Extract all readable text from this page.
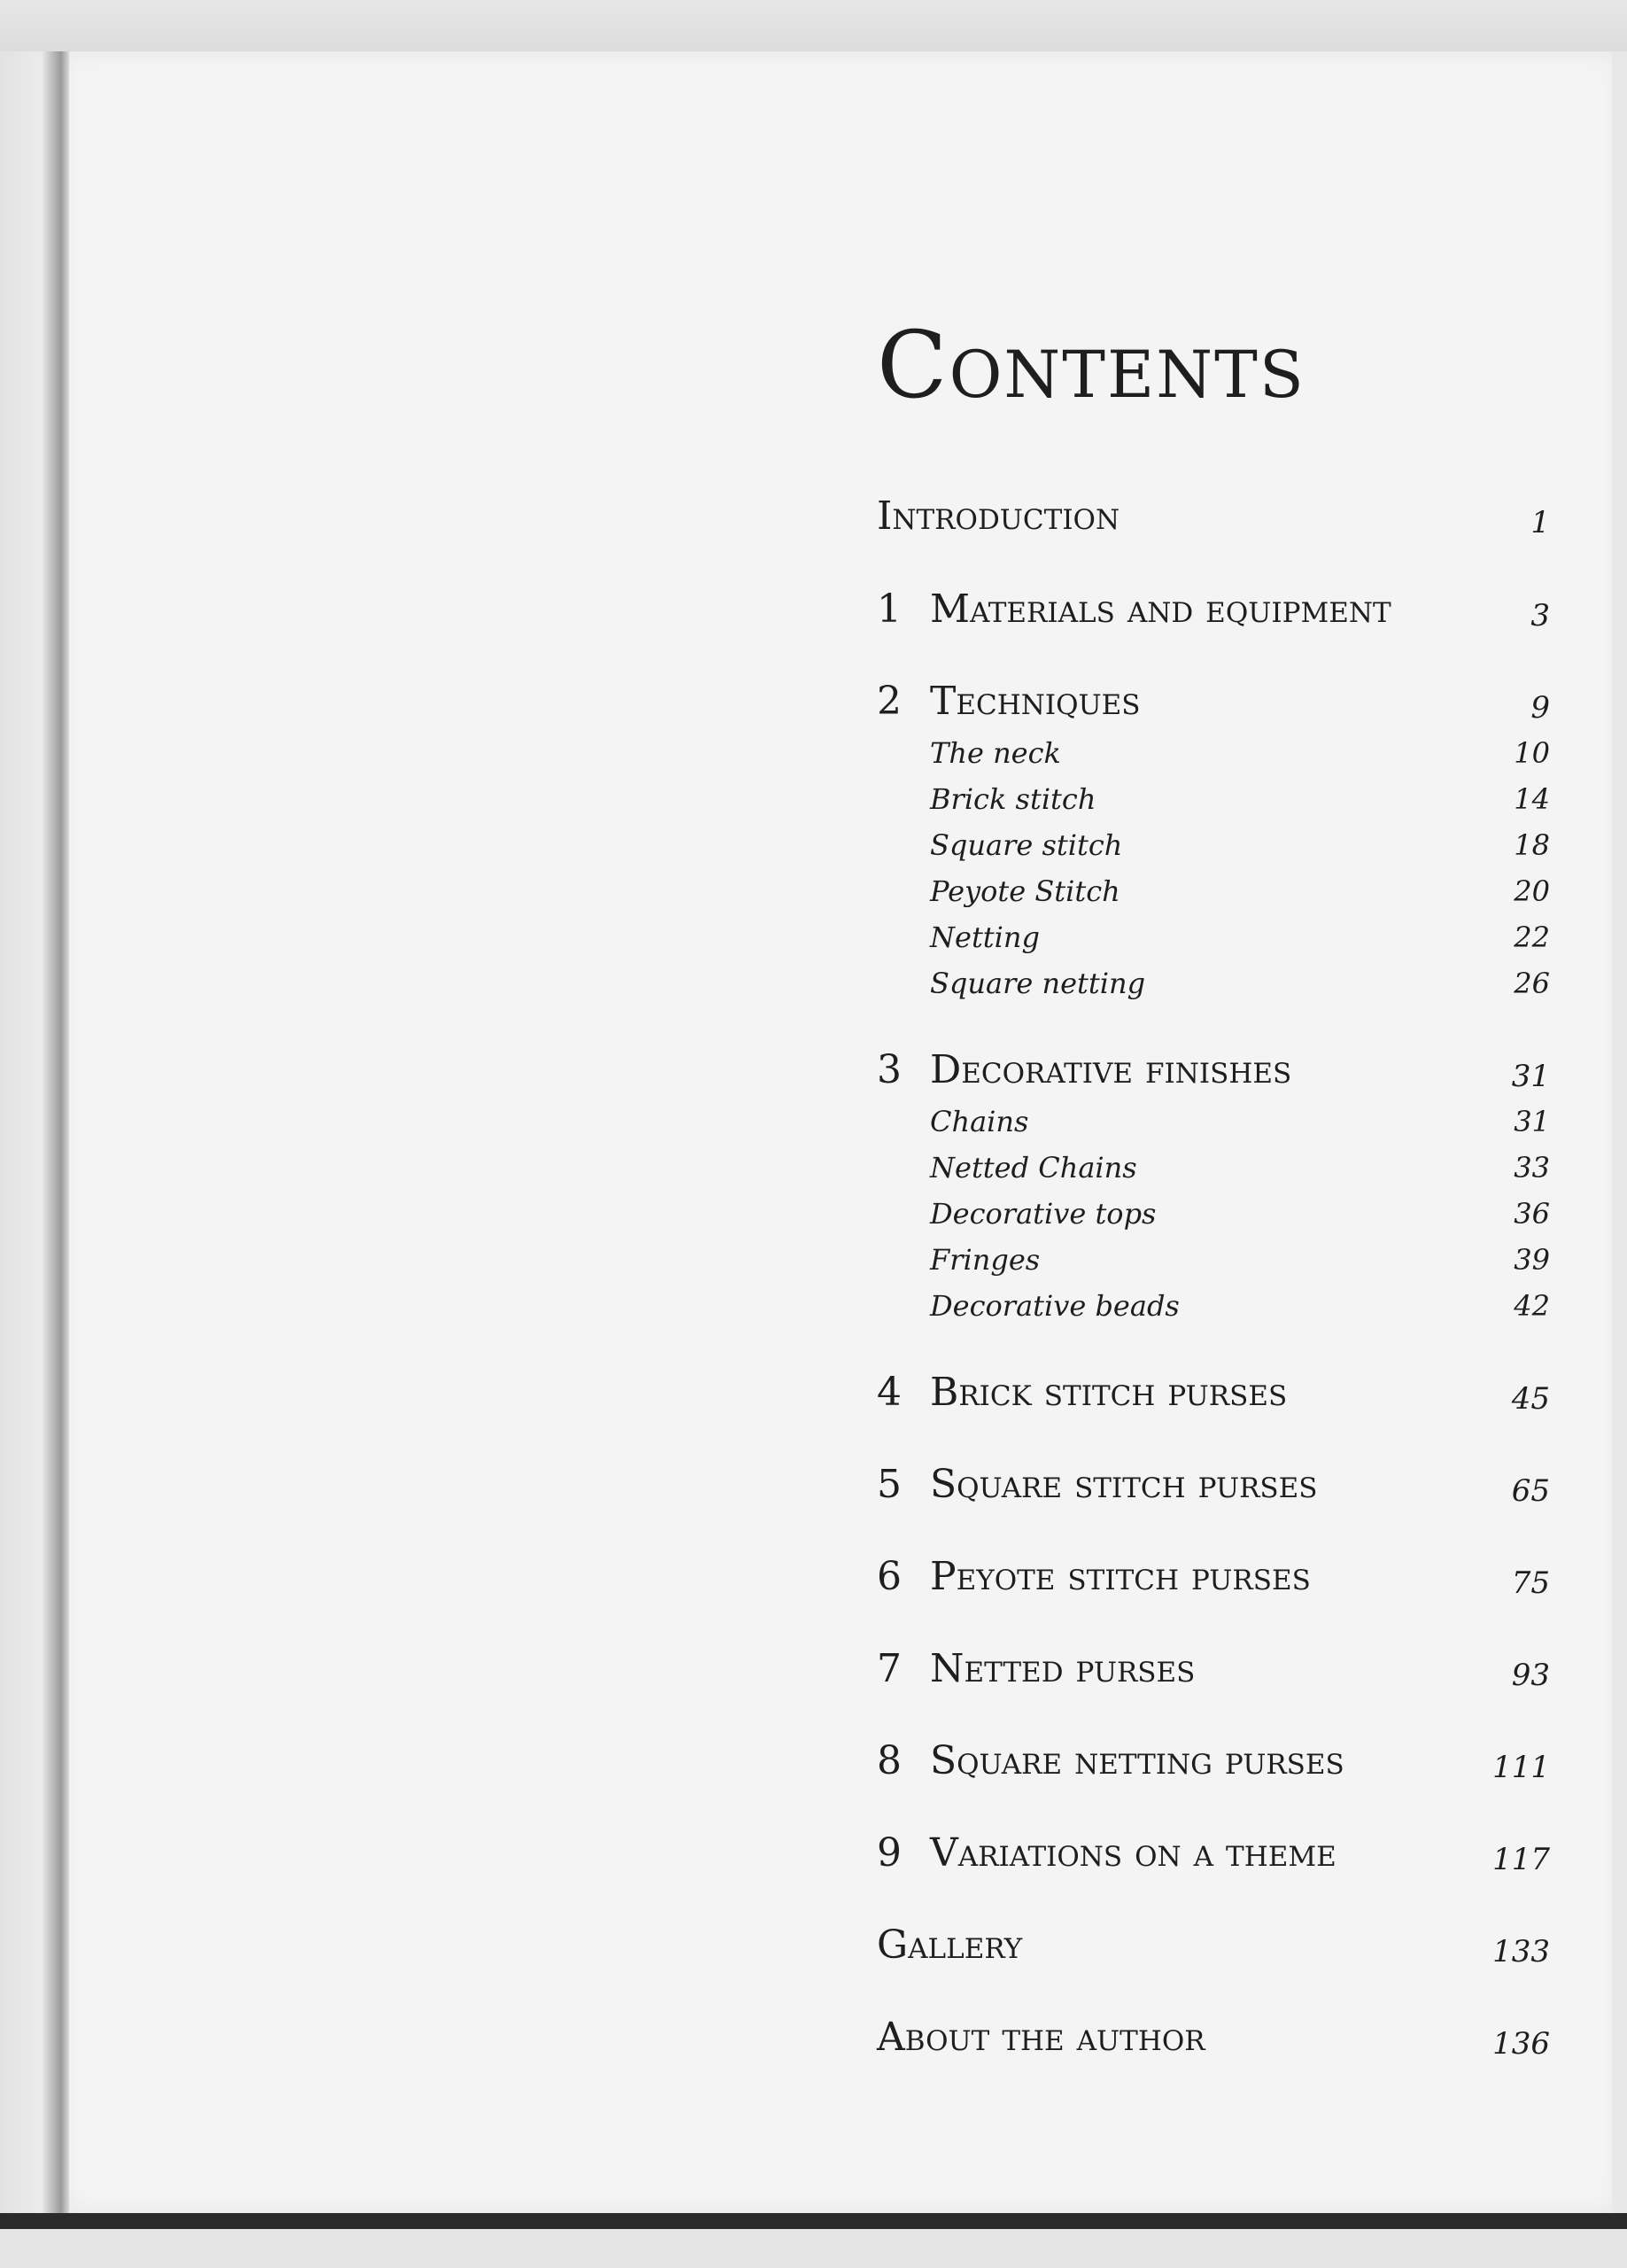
Contents
Introduction	1
1 Materials and equipment	3
2 Techniques	9
The neck	10
Brick stitch	14
Square stitch	18
Peyote Stitch	20
Netting	22
Square netting	26
3 Decorative finishes	31
Chains	31
Netted Chains	33
Decorative tops	36
Fringes	39
Decorative beads	42
4 Brick stitch purses	45
5 Square stitch purses	65
6 Peyote stitch purses	75
7 Netted purses	93
8 Square netting purses	111
9 Variations on a theme	117
Gallery	133
About the author	136
